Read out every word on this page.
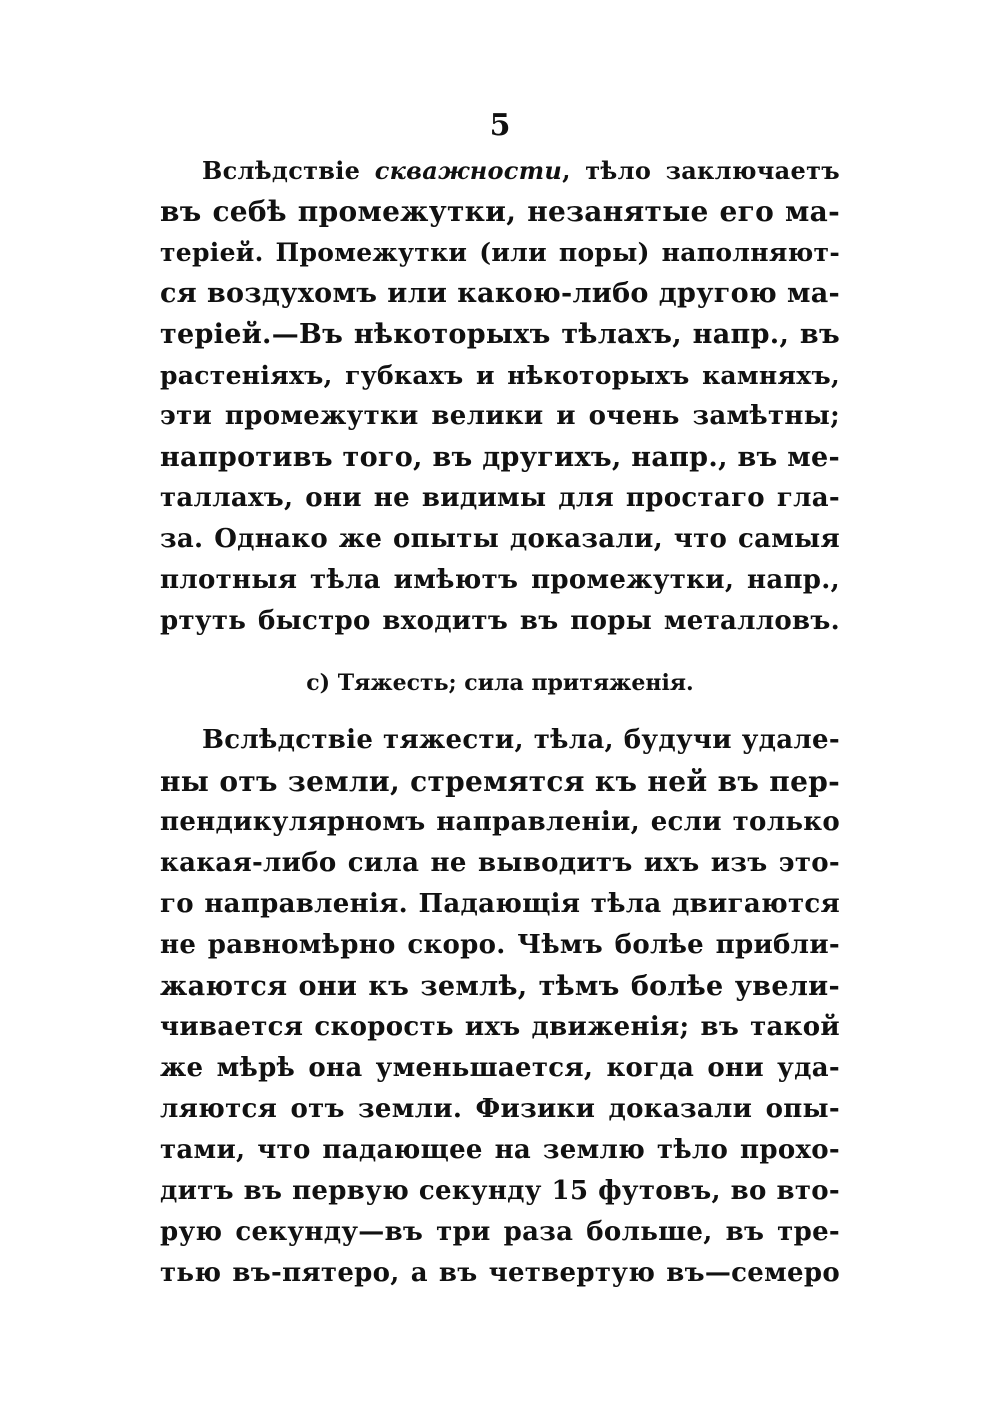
5
Вслѣдствіе скважности, тѣло заключаетъ
въ себѣ промежутки, незанятые его ма-
теріей. Промежутки (или поры) наполняют-
ся воздухомъ или какою-либо другою ма-
теріей.—Въ нѣкоторыхъ тѣлахъ, напр., въ
растеніяхъ, губкахъ и нѣкоторыхъ камняхъ,
эти промежутки велики и очень замѣтны;
напротивъ того, въ другихъ, напр., въ ме-
таллахъ, они не видимы для простаго гла-
за. Однако же опыты доказали, что самыя
плотныя тѣла имѣютъ промежутки, напр.,
ртуть быстро входитъ въ поры металловъ.
c) Тяжесть; сила притяженія.
Вслѣдствіе тяжести, тѣла, будучи удале-
ны отъ земли, стремятся къ ней въ пер-
пендикулярномъ направленіи, если только
какая-либо сила не выводитъ ихъ изъ это-
го направленія. Падающія тѣла двигаются
не равномѣрно скоро. Чѣмъ болѣе прибли-
жаются они къ землѣ, тѣмъ болѣе увели-
чивается скорость ихъ движенія; въ такой
же мѣрѣ она уменьшается, когда они уда-
ляются отъ земли. Физики доказали опы-
тами, что падающее на землю тѣло прохо-
дитъ въ первую секунду 15 футовъ, во вто-
рую секунду—въ три раза больше, въ тре-
тью въ-пятеро, а въ четвертую въ—семеро
